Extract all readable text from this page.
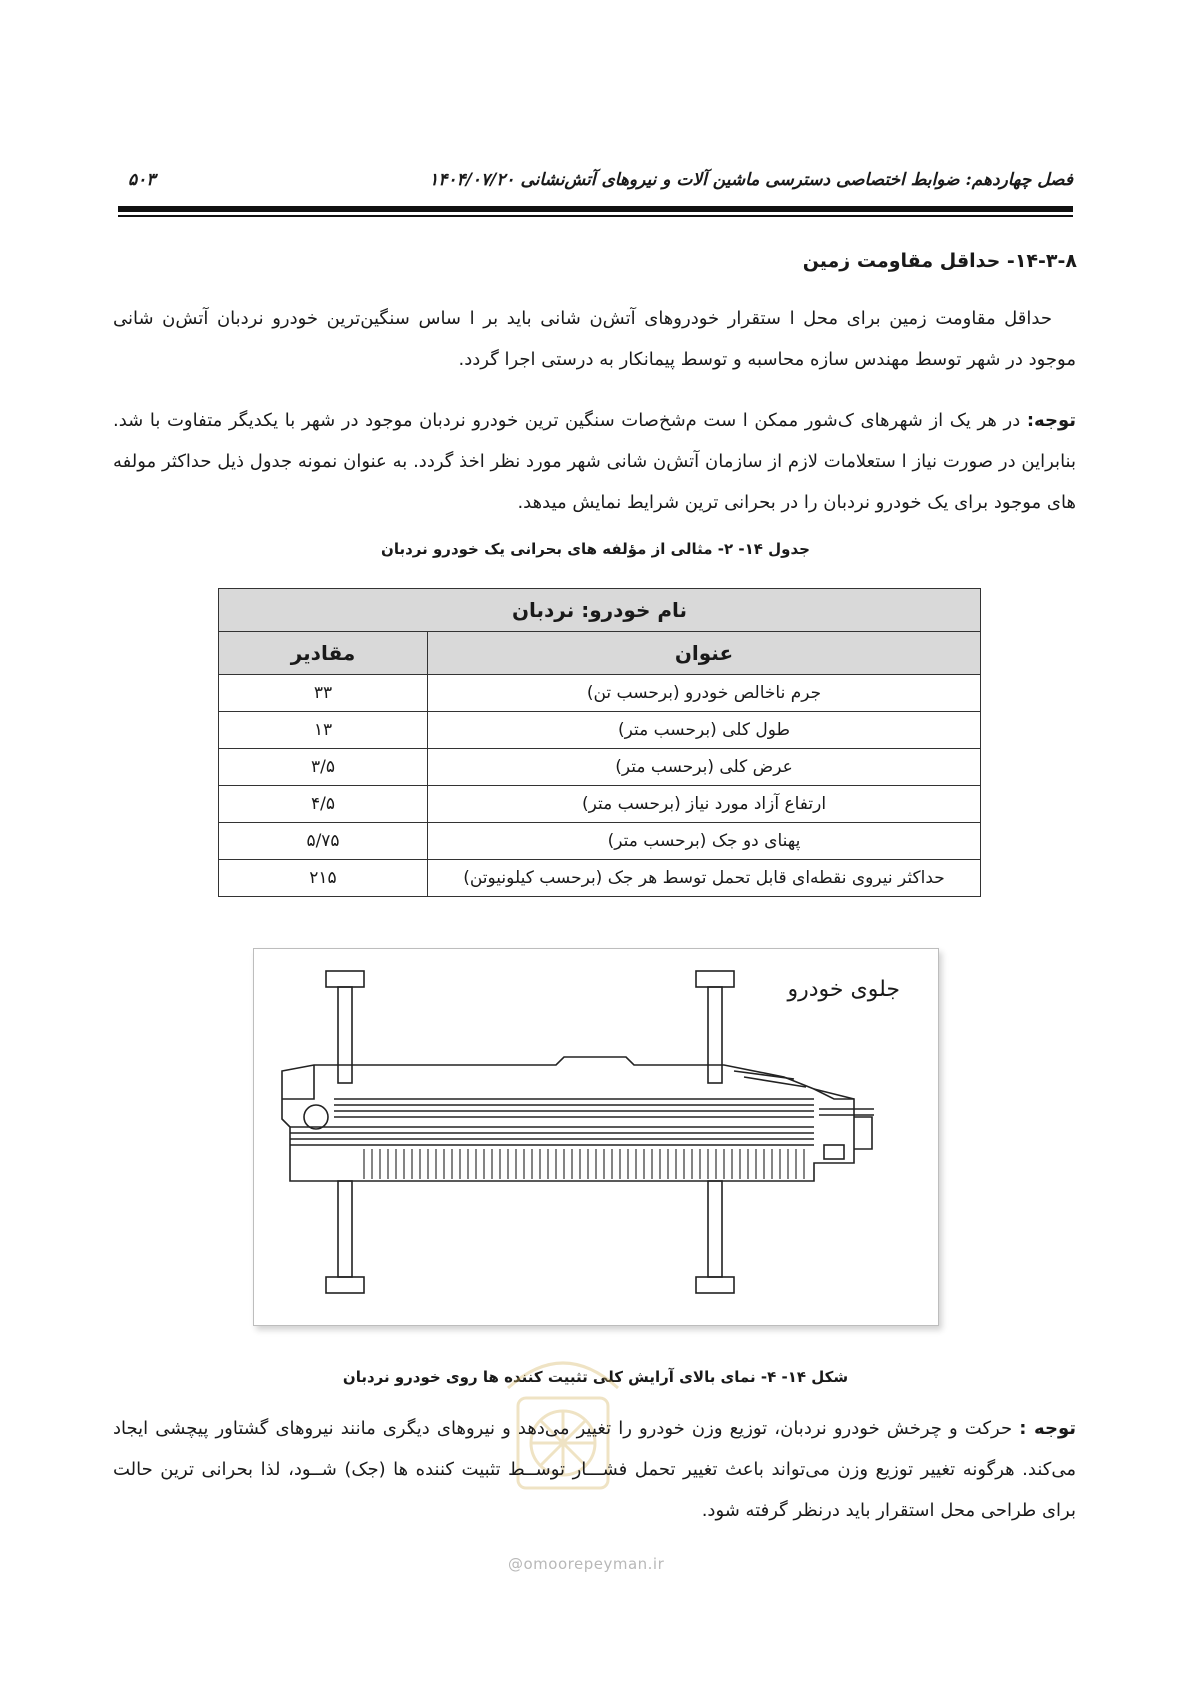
فصل چهاردهم: ضوابط اختصاصی دسترسی ماشین آلات و نیروهای آتش‌نشانی ۱۴۰۴/۰۷/۲۰
۵۰۳
۱۴-۳-۸- حداقل مقاومت زمین

حداقل مقاومت زمین برای محل ا ستقرار خودروهای آتش‌ن شانی باید بر ا ساس سنگین‌ترین خودرو نردبان آتش‌ن شانی موجود در شهر توسط مهندس سازه محاسبه و توسط پیمانکار به درستی اجرا گردد.

توجه: در هر یک از شهرهای ک‌شور ممکن ا ست م‌شخ‌صات سنگین ترین خودرو نردبان موجود در شهر با یکدیگر متفاوت با شد. بنابراین در صورت نیاز ا ستعلامات لازم از سازمان آتش‌ن شانی شهر مورد نظر اخذ گردد. به عنوان نمونه جدول ذیل حداکثر مولفه های موجود برای یک خودرو نردبان را در بحرانی ترین شرایط نمایش میدهد.

جدول ۱۴- ۲- مثالی از مؤلفه های بحرانی یک خودرو نردبان
نام خودرو: نردبان	
عنوان	مقادیر
جرم ناخالص خودرو (برحسب تن)	۳۳
طول کلی (برحسب متر)	۱۳
عرض کلی (برحسب متر)	۳/۵
ارتفاع آزاد مورد نیاز (برحسب متر)	۴/۵
پهنای دو جک (برحسب متر)	۵/۷۵
حداکثر نیروی نقطه‌ای قابل تحمل توسط هر جک (برحسب کیلونیوتن)	۲۱۵
جلوی خودرو
شکل ۱۴- ۴- نمای بالای آرایش کلی تثبیت کننده ها روی خودرو نردبان

توجه : حرکت و چرخش خودرو نردبان، توزیع وزن خودرو را تغییر می‌دهد و نیروهای دیگری مانند نیروهای گشتاور پیچشی ایجاد می‌کند. هرگونه تغییر توزیع وزن می‌تواند باعث تغییر تحمل فشـــار توســط تثبیت کننده ها (جک) شــود، لذا بحرانی ترین حالت برای طراحی محل استقرار باید درنظر گرفته شود.

@omoorepeyman.ir
